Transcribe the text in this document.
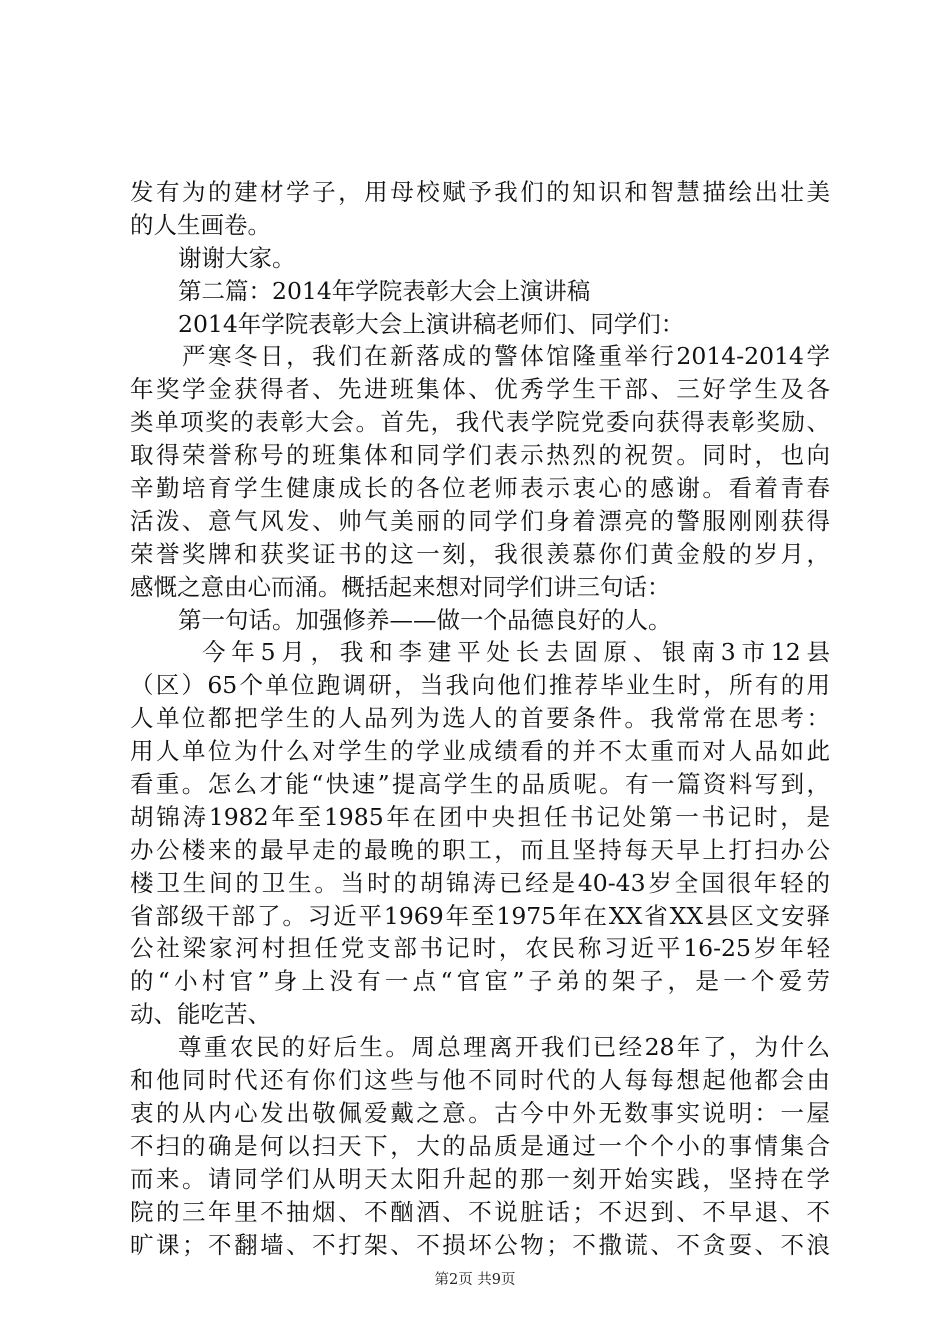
发有为的建材学子，用母校赋予我们的知识和智慧描绘出壮美
的人生画卷。
谢谢大家。
第二篇：2014年学院表彰大会上演讲稿
2014年学院表彰大会上演讲稿老师们、同学们：
严寒冬日，我们在新落成的警体馆隆重举行2014-2014学
年奖学金获得者、先进班集体、优秀学生干部、三好学生及各
类单项奖的表彰大会。首先，我代表学院党委向获得表彰奖励、
取得荣誉称号的班集体和同学们表示热烈的祝贺。同时，也向
辛勤培育学生健康成长的各位老师表示衷心的感谢。看着青春
活泼、意气风发、帅气美丽的同学们身着漂亮的警服刚刚获得
荣誉奖牌和获奖证书的这一刻，我很羡慕你们黄金般的岁月，
感慨之意由心而涌。概括起来想对同学们讲三句话：
第一句话。加强修养——做一个品德良好的人。
今年5月，我和李建平处长去固原、银南3市12县
（区）65个单位跑调研，当我向他们推荐毕业生时，所有的用
人单位都把学生的人品列为选人的首要条件。我常常在思考：
用人单位为什么对学生的学业成绩看的并不太重而对人品如此
看重。怎么才能“快速”提高学生的品质呢。有一篇资料写到，
胡锦涛1982年至1985年在团中央担任书记处第一书记时，是
办公楼来的最早走的最晚的职工，而且坚持每天早上打扫办公
楼卫生间的卫生。当时的胡锦涛已经是40-43岁全国很年轻的
省部级干部了。习近平1969年至1975年在XX省XX县区文安驿
公社梁家河村担任党支部书记时，农民称习近平16-25岁年轻
的“小村官”身上没有一点“官宦”子弟的架子，是一个爱劳
动、能吃苦、
尊重农民的好后生。周总理离开我们已经28年了，为什么
和他同时代还有你们这些与他不同时代的人每每想起他都会由
衷的从内心发出敬佩爱戴之意。古今中外无数事实说明：一屋
不扫的确是何以扫天下，大的品质是通过一个个小的事情集合
而来。请同学们从明天太阳升起的那一刻开始实践，坚持在学
院的三年里不抽烟、不酗酒、不说脏话；不迟到、不早退、不
旷课；不翻墙、不打架、不损坏公物；不撒谎、不贪耍、不浪
第2页 共9页
